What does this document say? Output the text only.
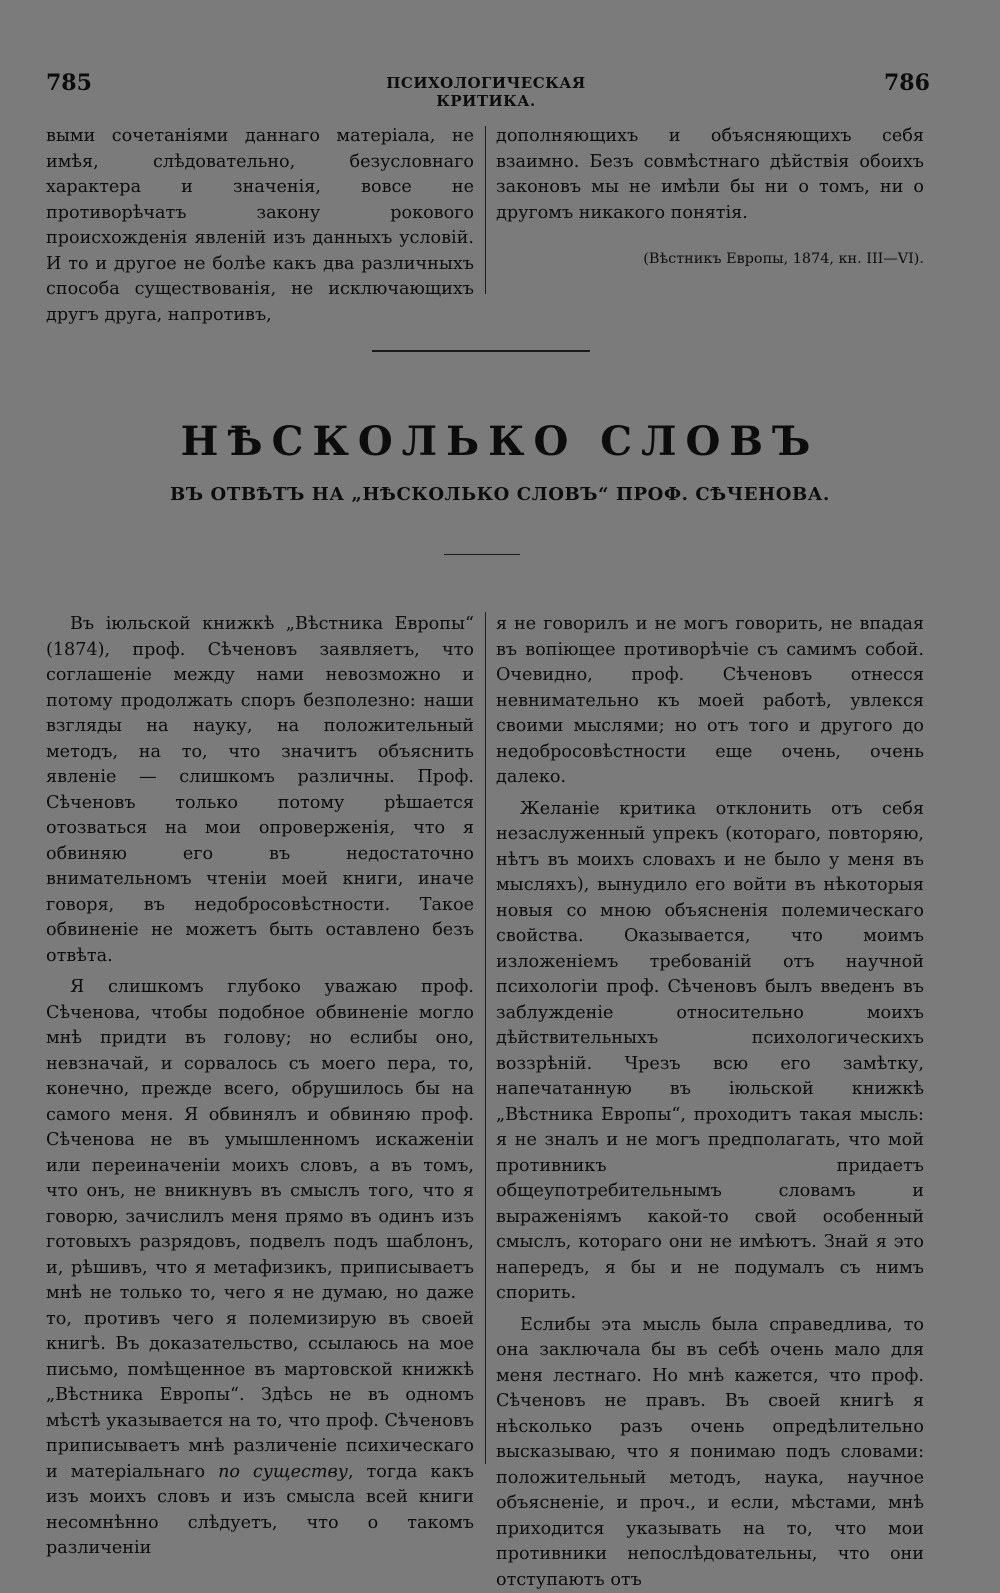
785	ПСИХОЛОГИЧЕСКАЯ КРИТИКА.
786

выми сочетаніями даннаго матеріала, не имѣя, слѣдовательно, безусловнаго характера и значенія, вовсе не противорѣчатъ закону рокового происхожденія явленій изъ данныхъ условій. И то и другое не болѣе какъ два различныхъ способа существованія, не исключающихъ другъ друга, напротивъ,

дополняющихъ и объясняющихъ себя взаимно. Безъ совмѣстнаго дѣйствія обоихъ законовъ мы не имѣли бы ни о томъ, ни о другомъ никакого понятія.

(Вѣстникъ Европы, 1874, кн. III—VI).

НѢСКОЛЬКО СЛОВЪ
ВЪ ОТВѢТЪ НА „НѢСКОЛЬКО СЛОВЪ“ ПРОФ. СѢЧЕНОВА.

Въ іюльской книжкѣ „Вѣстника Европы“ (1874), проф. Сѣченовъ заявляетъ, что соглашеніе между нами невозможно и потому продолжать споръ безполезно: наши взгляды на науку, на положительный методъ, на то, что значитъ объяснить явленіе — слишкомъ различны. Проф. Сѣченовъ только потому рѣшается отозваться на мои опроверженія, что я обвиняю его въ недостаточно внимательномъ чтеніи моей книги, иначе говоря, въ недобросовѣстности. Такое обвиненіе не можетъ быть оставлено безъ отвѣта.

Я слишкомъ глубоко уважаю проф. Сѣченова, чтобы подобное обвиненіе могло мнѣ придти въ голову; но еслибы оно, невзначай, и сорвалось съ моего пера, то, конечно, прежде всего, обрушилось бы на самого меня. Я обвинялъ и обвиняю проф. Сѣченова не въ умышленномъ искаженіи или переиначеніи моихъ словъ, а въ томъ, что онъ, не вникнувъ въ смыслъ того, что я говорю, зачислилъ меня прямо въ одинъ изъ готовыхъ разрядовъ, подвелъ подъ шаблонъ, и, рѣшивъ, что я метафизикъ, приписываетъ мнѣ не только то, чего я не думаю, но даже то, противъ чего я полемизирую въ своей книгѣ. Въ доказательство, ссылаюсь на мое письмо, помѣщенное въ мартовской книжкѣ „Вѣстника Европы“. Здѣсь не въ одномъ мѣстѣ указывается на то, что проф. Сѣченовъ приписываетъ мнѣ различеніе психическаго и матеріальнаго по существу, тогда какъ изъ моихъ словъ и изъ смысла всей книги несомнѣнно слѣдуетъ, что о такомъ различеніи

я не говорилъ и не могъ говорить, не впадая въ вопіющее противорѣчіе съ самимъ собой. Очевидно, проф. Сѣченовъ отнесся невнимательно къ моей работѣ, увлекся своими мыслями; но отъ того и другого до недобросовѣстности еще очень, очень далеко.

Желаніе критика отклонить отъ себя незаслуженный упрекъ (котораго, повторяю, нѣтъ въ моихъ словахъ и не было у меня въ мысляхъ), вынудило его войти въ нѣкоторыя новыя со мною объясненія полемическаго свойства. Оказывается, что моимъ изложеніемъ требованій отъ научной психологіи проф. Сѣченовъ былъ введенъ въ заблужденіе относительно моихъ дѣйствительныхъ психологическихъ воззрѣній. Чрезъ всю его замѣтку, напечатанную въ іюльской книжкѣ „Вѣстника Европы“, проходитъ такая мысль: я не зналъ и не могъ предполагать, что мой противникъ придаетъ общеупотребительнымъ словамъ и выраженіямъ какой-то свой особенный смыслъ, котораго они не имѣютъ. Знай я это напередъ, я бы и не подумалъ съ нимъ спорить.

Еслибы эта мысль была справедлива, то она заключала бы въ себѣ очень мало для меня лестнаго. Но мнѣ кажется, что проф. Сѣченовъ не правъ. Въ своей книгѣ я нѣсколько разъ очень опредѣлительно высказываю, что я понимаю подъ словами: положительный методъ, наука, научное объясненіе, и проч., и если, мѣстами, мнѣ приходится указывать на то, что мои противники непослѣдовательны, что они отступаютъ отъ
